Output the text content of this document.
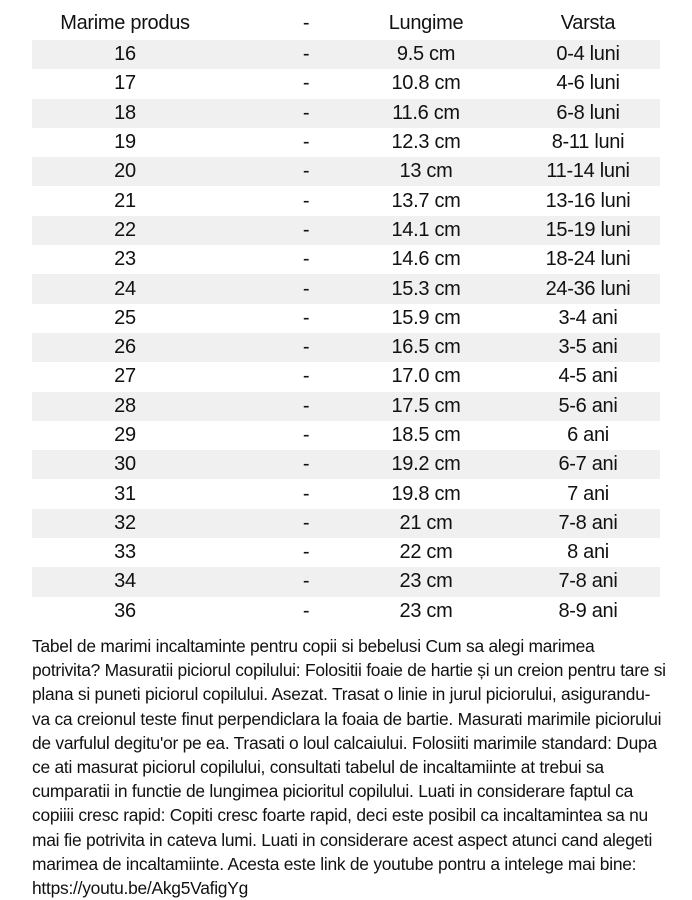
Marime produs	-	Lungime	Varsta
16	-	9.5 cm	0-4 luni
17	-	10.8 cm	4-6 luni
18	-	11.6 cm	6-8 luni
19	-	12.3 cm	8-11 luni
20	-	13 cm	11-14 luni
21	-	13.7 cm	13-16 luni
22	-	14.1 cm	15-19 luni
23	-	14.6 cm	18-24 luni
24	-	15.3 cm	24-36 luni
25	-	15.9 cm	3-4 ani
26	-	16.5 cm	3-5 ani
27	-	17.0 cm	4-5 ani
28	-	17.5 cm	5-6 ani
29	-	18.5 cm	6 ani
30	-	19.2 cm	6-7 ani
31	-	19.8 cm	7 ani
32	-	21 cm	7-8 ani
33	-	22 cm	8 ani
34	-	23 cm	7-8 ani
36	-	23 cm	8-9 ani

Tabel de marimi incaltaminte pentru copii si bebelusi Cum sa alegi marimea potrivita? Masuratii piciorul copilului: Folositii foaie de hartie și un creion pentru tare si plana si puneti piciorul copilului. Asezat. Trasat o linie in jurul piciorului, asigurandu-va ca creionul teste finut perpendiclara la foaia de bartie. Masurati marimile piciorului de varfulul degitu'or pe ea. Trasati o loul calcaiului. Folosiiti marimile standard: Dupa ce ati masurat piciorul copilului, consultati tabelul de incaltamiinte at trebui sa cumparatii in functie de lungimea picioritul copilului. Luati in considerare faptul ca copiiii cresc rapid: Copiti cresc foarte rapid, deci este posibil ca incaltamintea sa nu mai fie potrivita in cateva lumi. Luati in considerare acest aspect atunci cand alegeti marimea de incaltamiinte. Acesta este link de youtube pontru a intelege mai bine: https://youtu.be/Akg5VafigYg
